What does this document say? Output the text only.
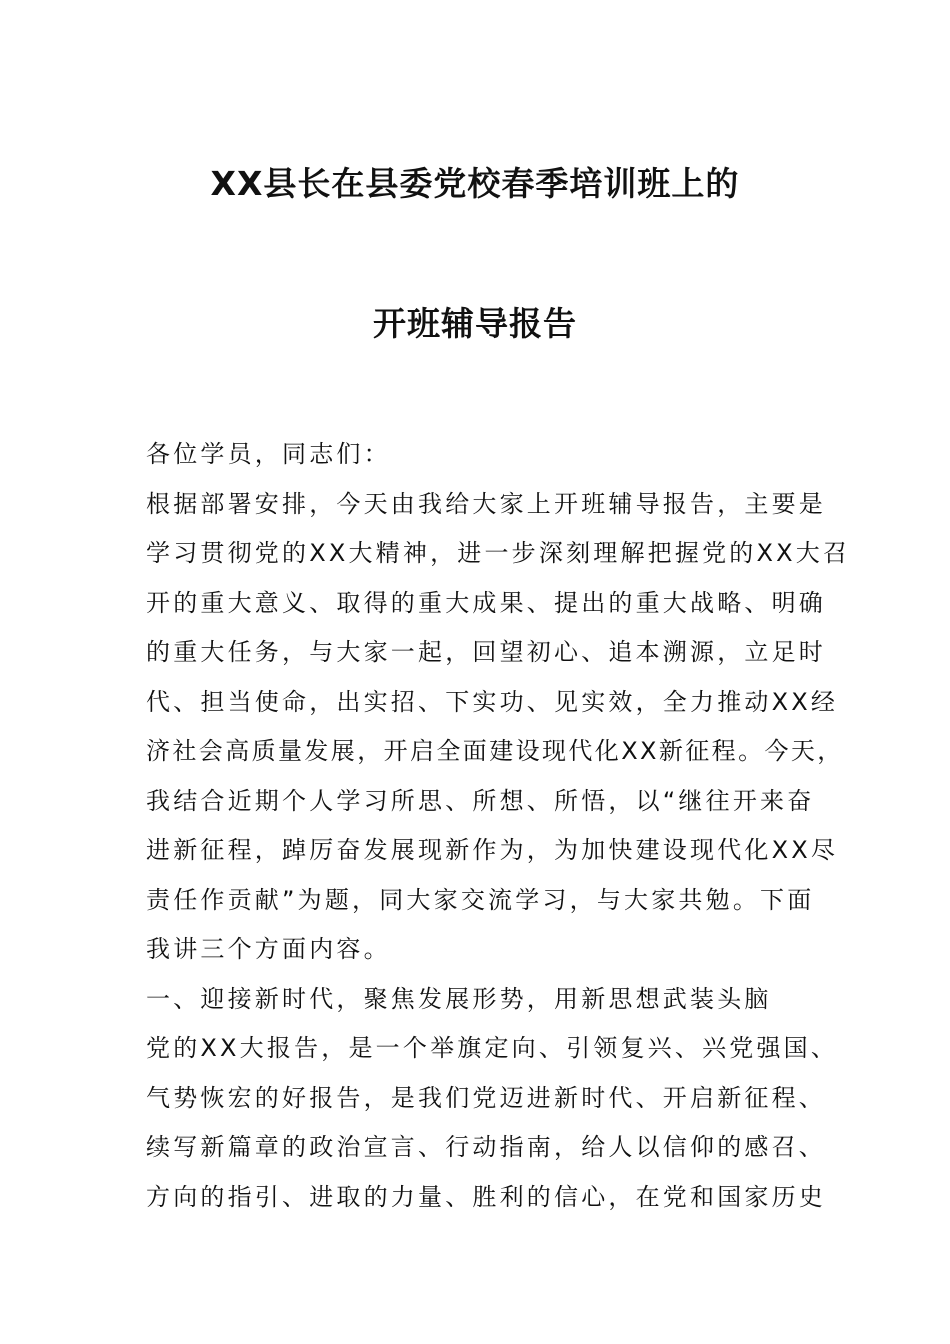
XX县长在县委党校春季培训班上的
开班辅导报告
各位学员，同志们：
根据部署安排，今天由我给大家上开班辅导报告，主要是
学习贯彻党的XX大精神，进一步深刻理解把握党的XX大召
开的重大意义、取得的重大成果、提出的重大战略、明确
的重大任务，与大家一起，回望初心、追本溯源，立足时
代、担当使命，出实招、下实功、见实效，全力推动XX经
济社会高质量发展，开启全面建设现代化XX新征程。今天，
我结合近期个人学习所思、所想、所悟，以“继往开来奋
进新征程，踔厉奋发展现新作为，为加快建设现代化XX尽
责任作贡献”为题，同大家交流学习，与大家共勉。下面
我讲三个方面内容。
一、迎接新时代，聚焦发展形势，用新思想武装头脑
党的XX大报告，是一个举旗定向、引领复兴、兴党强国、
气势恢宏的好报告，是我们党迈进新时代、开启新征程、
续写新篇章的政治宣言、行动指南，给人以信仰的感召、
方向的指引、进取的力量、胜利的信心，在党和国家历史
